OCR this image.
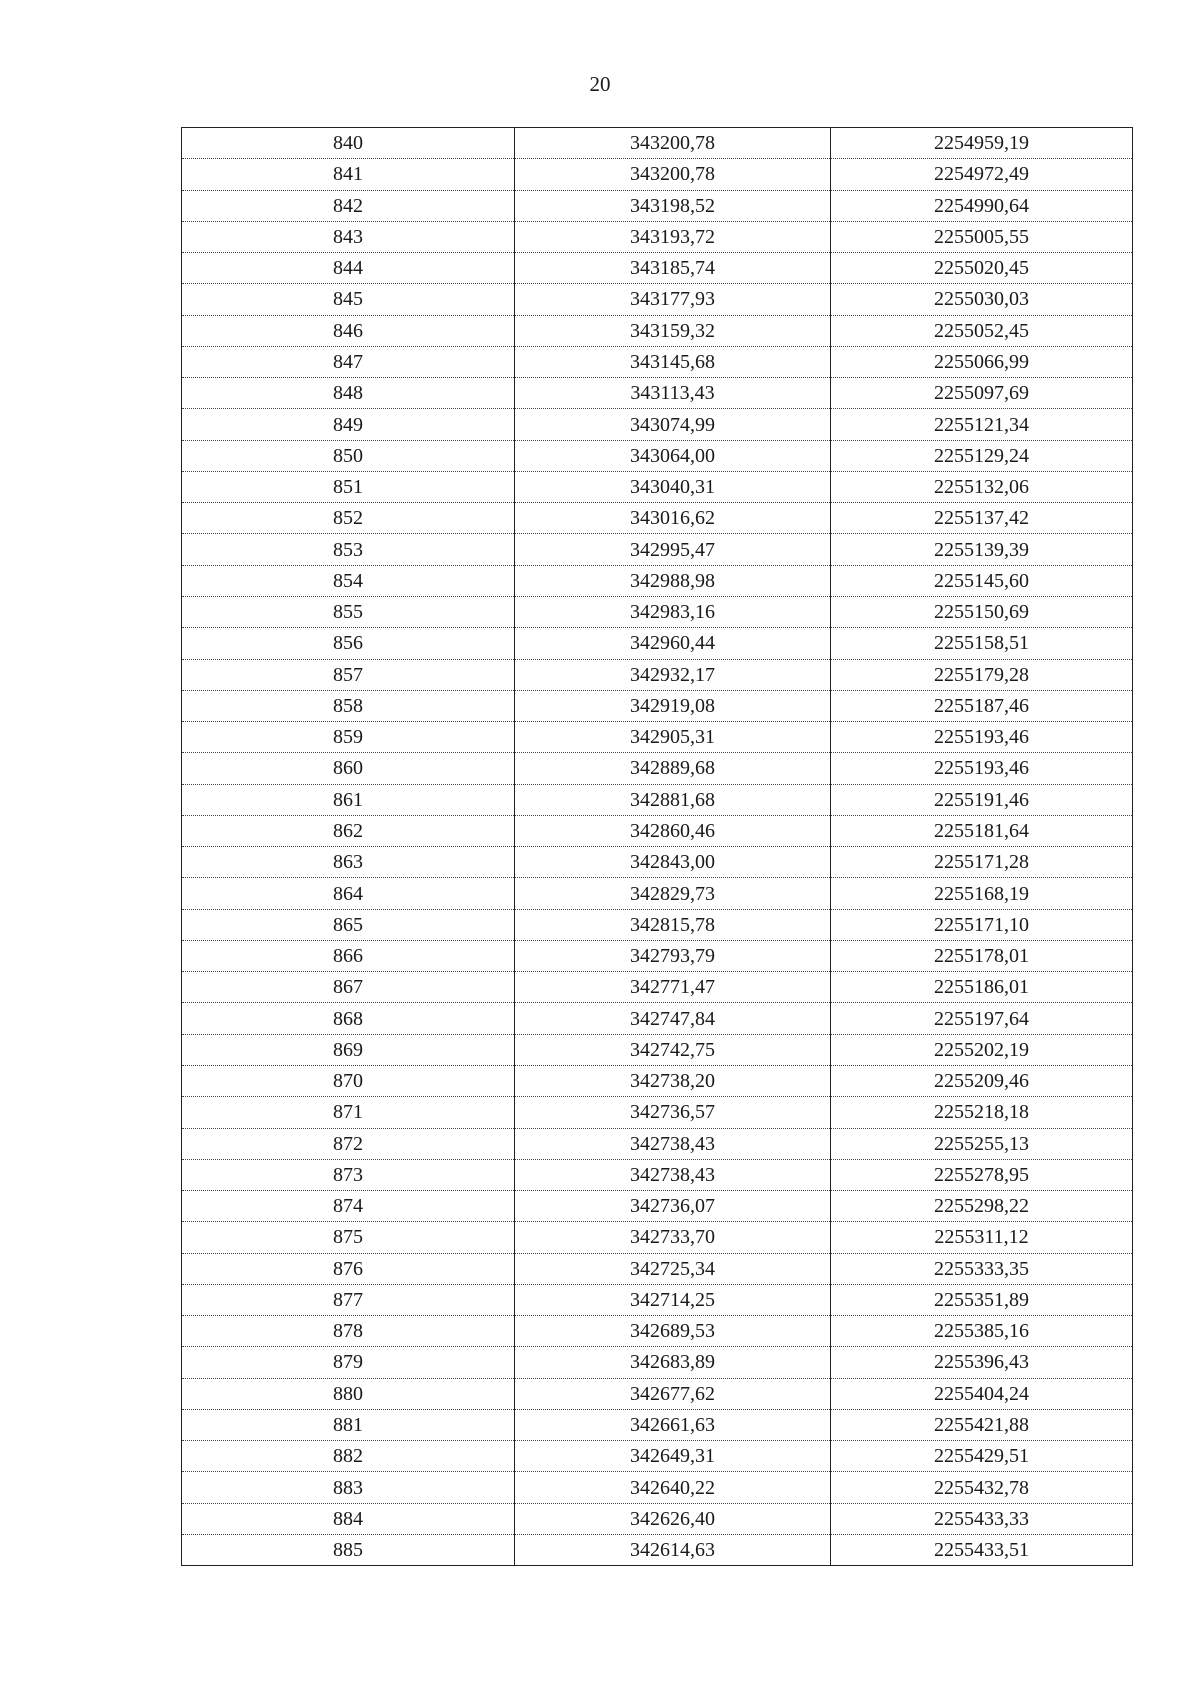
20
840	343200,78	2254959,19
841	343200,78	2254972,49
842	343198,52	2254990,64
843	343193,72	2255005,55
844	343185,74	2255020,45
845	343177,93	2255030,03
846	343159,32	2255052,45
847	343145,68	2255066,99
848	343113,43	2255097,69
849	343074,99	2255121,34
850	343064,00	2255129,24
851	343040,31	2255132,06
852	343016,62	2255137,42
853	342995,47	2255139,39
854	342988,98	2255145,60
855	342983,16	2255150,69
856	342960,44	2255158,51
857	342932,17	2255179,28
858	342919,08	2255187,46
859	342905,31	2255193,46
860	342889,68	2255193,46
861	342881,68	2255191,46
862	342860,46	2255181,64
863	342843,00	2255171,28
864	342829,73	2255168,19
865	342815,78	2255171,10
866	342793,79	2255178,01
867	342771,47	2255186,01
868	342747,84	2255197,64
869	342742,75	2255202,19
870	342738,20	2255209,46
871	342736,57	2255218,18
872	342738,43	2255255,13
873	342738,43	2255278,95
874	342736,07	2255298,22
875	342733,70	2255311,12
876	342725,34	2255333,35
877	342714,25	2255351,89
878	342689,53	2255385,16
879	342683,89	2255396,43
880	342677,62	2255404,24
881	342661,63	2255421,88
882	342649,31	2255429,51
883	342640,22	2255432,78
884	342626,40	2255433,33
885	342614,63	2255433,51
